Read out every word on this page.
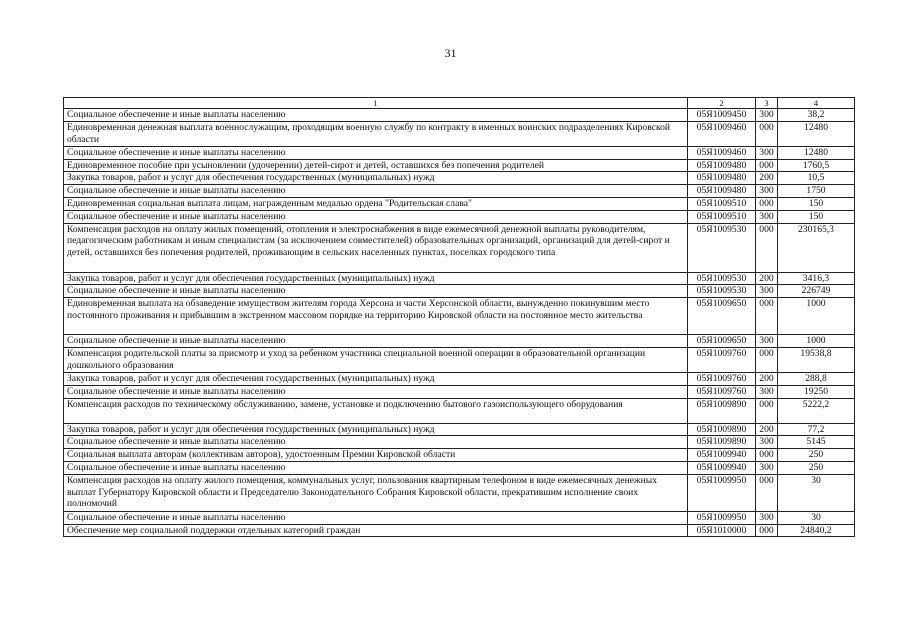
31
1	2	3	4
Социальное обеспечение и иные выплаты населению	05Я1009450	300	38,2
Единовременная денежная выплата военнослужащим, проходящим военную службу по контракту в именных воинских подразделениях Кировской области	05Я1009460	000	12480
Социальное обеспечение и иные выплаты населению	05Я1009460	300	12480
Единовременное пособие при усыновлении (удочерении) детей-сирот и детей, оставшихся без попечения родителей	05Я1009480	000	1760,5
Закупка товаров, работ и услуг для обеспечения государственных (муниципальных) нужд	05Я1009480	200	10,5
Социальное обеспечение и иные выплаты населению	05Я1009480	300	1750
Единовременная социальная выплата лицам, награжденным медалью ордена "Родительская слава"	05Я1009510	000	150
Социальное обеспечение и иные выплаты населению	05Я1009510	300	150
Компенсация расходов на оплату жилых помещений, отопления и электроснабжения в виде ежемесячной денежной выплаты руководителям, педагогическим работникам и иным специалистам (за исключением совместителей) образовательных организаций, организаций для детей-сирот и детей, оставшихся без попечения родителей, проживающим в сельских населенных пунктах, поселках городского типа	05Я1009530	000	230165,3
Закупка товаров, работ и услуг для обеспечения государственных (муниципальных) нужд	05Я1009530	200	3416,3
Социальное обеспечение и иные выплаты населению	05Я1009530	300	226749
Единовременная выплата на обзаведение имуществом жителям города Херсона и части Херсонской области, вынужденно покинувшим место постоянного проживания и прибывшим в экстренном массовом порядке на территорию Кировской области на постоянное место жительства	05Я1009650	000	1000
Социальное обеспечение и иные выплаты населению	05Я1009650	300	1000
Компенсация родительской платы за присмотр и уход за ребенком участника специальной военной операции в образовательной организации дошкольного образования	05Я1009760	000	19538,8
Закупка товаров, работ и услуг для обеспечения государственных (муниципальных) нужд	05Я1009760	200	288,8
Социальное обеспечение и иные выплаты населению	05Я1009760	300	19250
Компенсация расходов по техническому обслуживанию, замене, установке и подключению бытового газоиспользующего оборудования	05Я1009890	000	5222,2
Закупка товаров, работ и услуг для обеспечения государственных (муниципальных) нужд	05Я1009890	200	77,2
Социальное обеспечение и иные выплаты населению	05Я1009890	300	5145
Социальная выплата авторам (коллективам авторов), удостоенным Премии Кировской области	05Я1009940	000	250
Социальное обеспечение и иные выплаты населению	05Я1009940	300	250
Компенсация расходов на оплату жилого помещения, коммунальных услуг, пользования квартирным телефоном в виде ежемесячных денежных выплат Губернатору Кировской области и Председателю Законодательного Собрания Кировской области, прекратившим исполнение своих полномочий	05Я1009950	000	30
Социальное обеспечение и иные выплаты населению	05Я1009950	300	30
Обеспечение мер социальной поддержки отдельных категорий граждан	05Я1010000	000	24840,2
